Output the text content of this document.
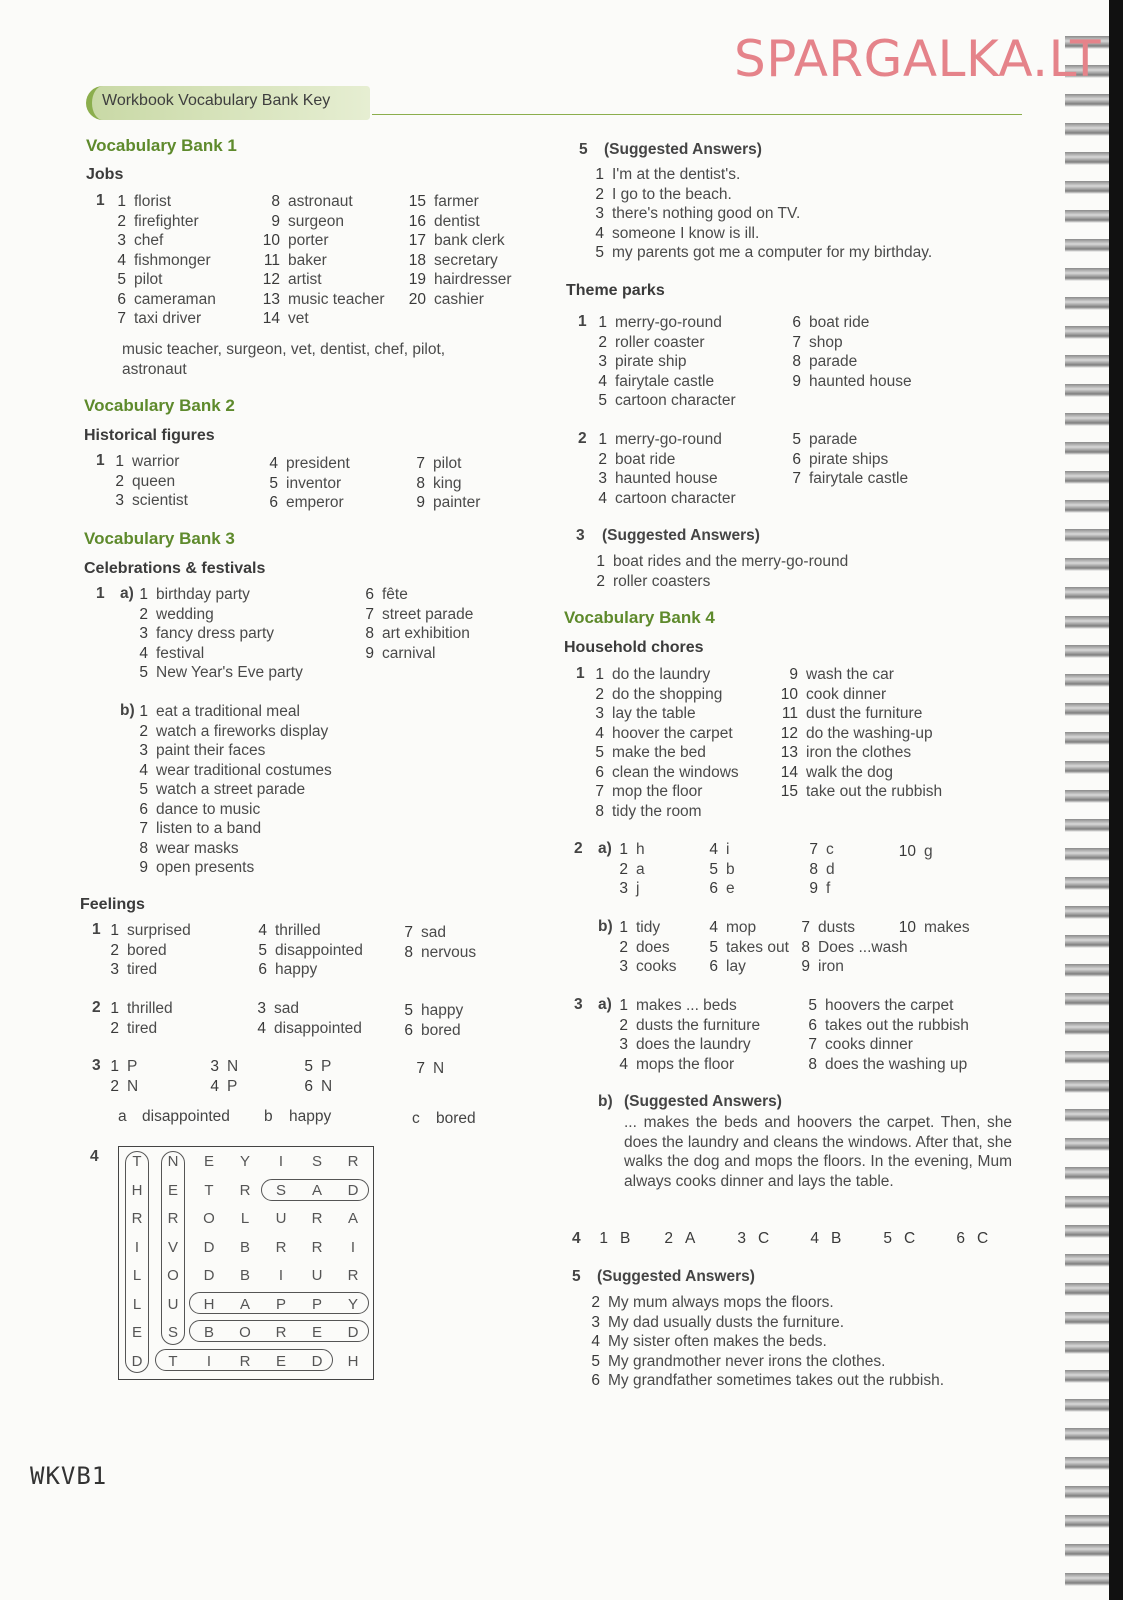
SPARGALKA.LT
Workbook Vocabulary Bank Key
Vocabulary Bank 1
Jobs
1 1 florist
2 firefighter
3 chef
4 fishmonger
5 pilot
6 cameraman
7 taxi driver
8 astronaut
9 surgeon
10 porter
11 baker
12 artist
13 music teacher
14 vet
15 farmer
16 dentist
17 bank clerk
18 secretary
19 hairdresser
20 cashier
music teacher, surgeon, vet, dentist, chef, pilot, astronaut
Vocabulary Bank 2
Historical figures
1 1 warrior
2 queen
3 scientist
4 president
5 inventor
6 emperor
7 pilot
8 king
9 painter
Vocabulary Bank 3
Celebrations & festivals
1 a) 1 birthday party
2 wedding
3 fancy dress party
4 festival
5 New Year's Eve party
6 fête
7 street parade
8 art exhibition
9 carnival
b) 1 eat a traditional meal
2 watch a fireworks display
3 paint their faces
4 wear traditional costumes
5 watch a street parade
6 dance to music
7 listen to a band
8 wear masks
9 open presents
Feelings
1 1 surprised
2 bored
3 tired
4 thrilled
5 disappointed
6 happy
7 sad
8 nervous
2 1 thrilled
2 tired
3 sad
4 disappointed
5 happy
6 bored
3 1 P
2 N
3 N
4 P
5 P
6 N
7 N
a disappointed b happy	c bored
4	T	N	E	Y	I	S	R
H	E	T	R	S	A	D
R	R	O	L	U	R	A
I	V	D	B	R	R	I
L	O	D	B	I	U	R
L	U	H	A	P	P	Y
E	S	B	O	R	E	D
D	T	I	R	E	D	H
WKVB1
5 (Suggested Answers)
1 I'm at the dentist's.
2 I go to the beach.
3 there's nothing good on TV.
4 someone I know is ill.
5 my parents got me a computer for my birthday.
Theme parks
1 1 merry-go-round
2 roller coaster
3 pirate ship
4 fairytale castle
5 cartoon character
6 boat ride
7 shop
8 parade
9 haunted house
2 1 merry-go-round
2 boat ride
3 haunted house
4 cartoon character
5 parade
6 pirate ships
7 fairytale castle
3 (Suggested Answers)
1 boat rides and the merry-go-round
2 roller coasters
Vocabulary Bank 4
Household chores
1 1 do the laundry
2 do the shopping
3 lay the table
4 hoover the carpet
5 make the bed
6 clean the windows
7 mop the floor
8 tidy the room
9 wash the car
10 cook dinner
11 dust the furniture
12 do the washing-up
13 iron the clothes
14 walk the dog
15 take out the rubbish
2 a) 1 h
2 a
3 j
4 i
5 b
6 e
7 c
8 d
9 f
10 g
b) 1 tidy
2 does
3 cooks
4 mop
5 takes out
6 lay
7 dusts
8 Does ...wash
9 iron
10 makes
3 a) 1 makes ... beds
2 dusts the furniture
3 does the laundry
4 mops the floor
5 hoovers the carpet
6 takes out the rubbish
7 cooks dinner
8 does the washing up
b) (Suggested Answers)
... makes the beds and hoovers the carpet. Then, she does the laundry and cleans the windows. After that, she walks the dog and mops the floors. In the evening, Mum always cooks dinner and lays the table.
4	1 B 2 A	3 C	4 B	5 C	6 C
5 (Suggested Answers)
2 My mum always mops the floors.
3 My dad usually dusts the furniture.
4 My sister often makes the beds.
5 My grandmother never irons the clothes.
6 My grandfather sometimes takes out the rubbish.
